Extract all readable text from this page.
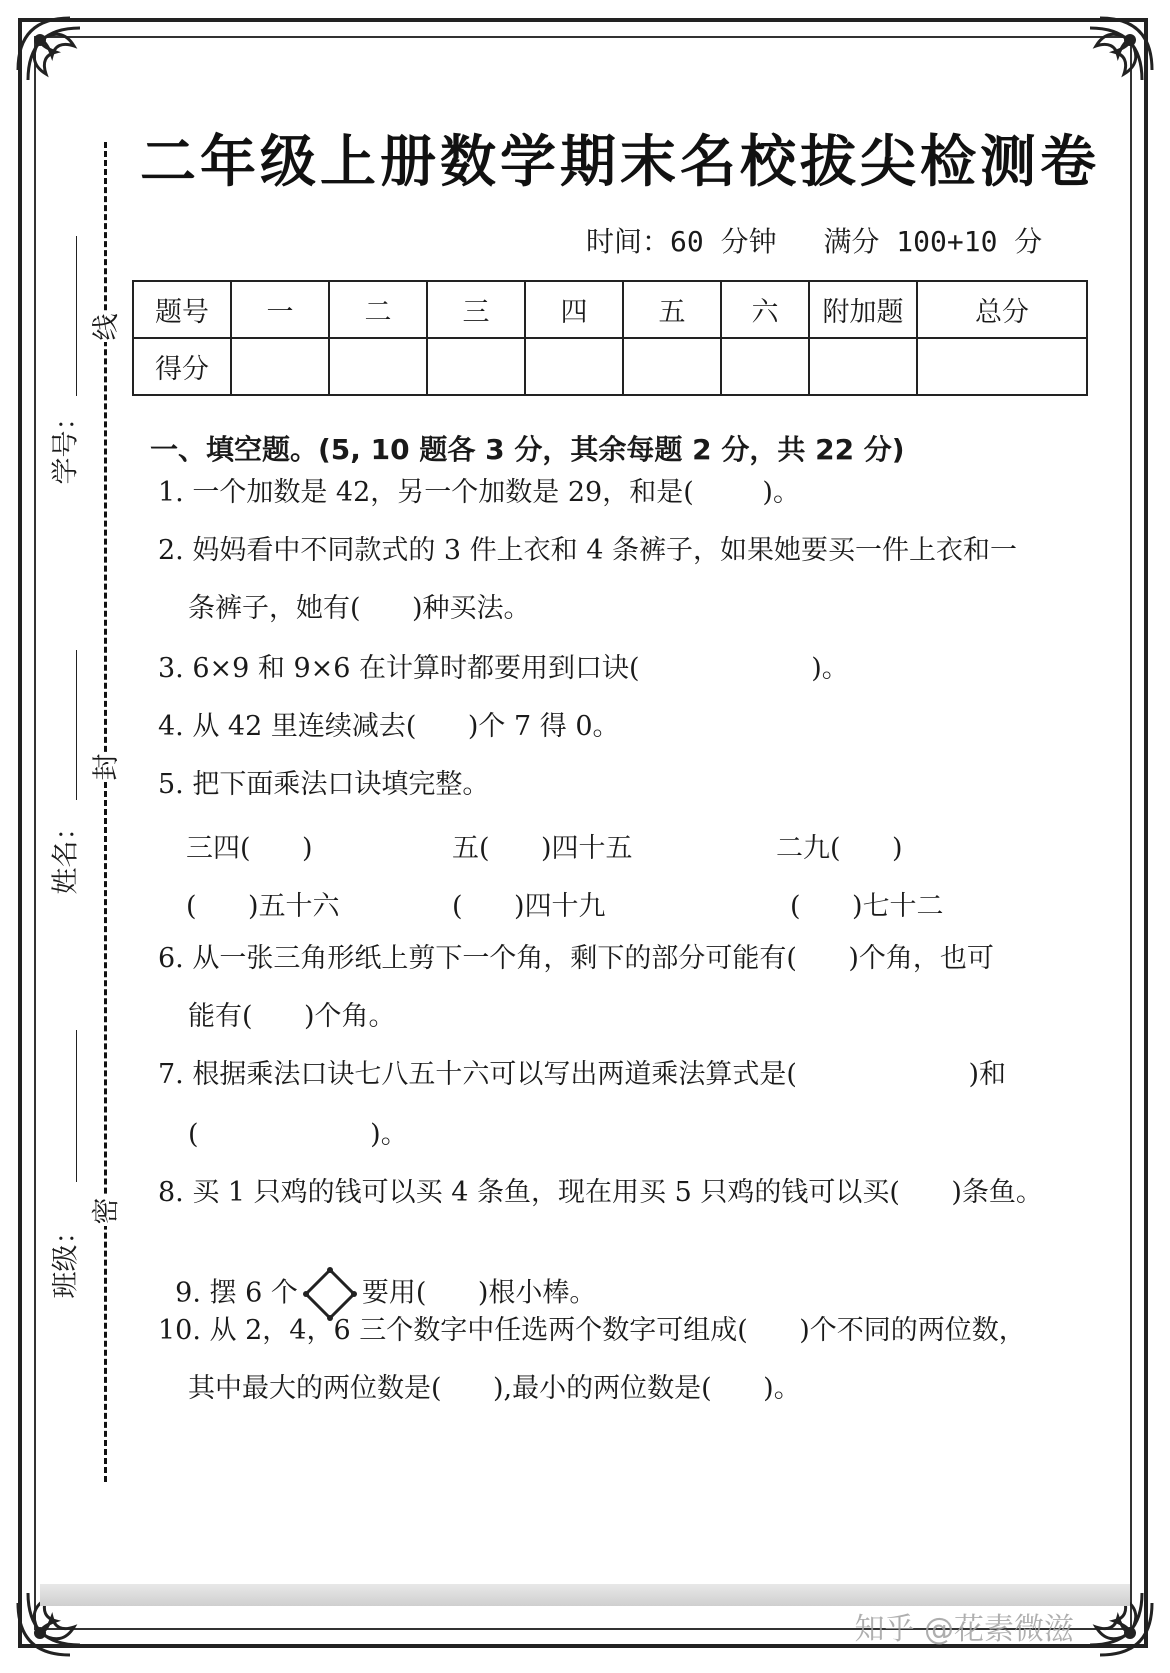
二年级上册数学期末名校拔尖检测卷
时间：60 分钟 满分 100+10 分
题号	一	二	三	四	五	六	附加题	总分
得分								
线
封
密
学号：
姓名：
班级：
一、填空题。(5, 10 题各 3 分，其余每题 2 分，共 22 分)
1. 一个加数是 42，另一个加数是 29，和是(        )。
2. 妈妈看中不同款式的 3 件上衣和 4 条裤子，如果她要买一件上衣和一
条裤子，她有(      )种买法。
3. 6×9 和 9×6 在计算时都要用到口诀(                    )。
4. 从 42 里连续减去(      )个 7 得 0。
5. 把下面乘法口诀填完整。
三四(      )	五(      )四十五	二九(      )
(      )五十六	(      )四十九	(      )七十二
6. 从一张三角形纸上剪下一个角，剩下的部分可能有(      )个角，也可
能有(      )个角。
7. 根据乘法口诀七八五十六可以写出两道乘法算式是(                    )和
(                    )。
8. 买 1 只鸡的钱可以买 4 条鱼，现在用买 5 只鸡的钱可以买(      )条鱼。

9. 摆 6 个 要用(      )根小棒。

10. 从 2，4，6 三个数字中任选两个数字可组成(      )个不同的两位数，
其中最大的两位数是(      ),最小的两位数是(      )。
知乎 @花素微滋
